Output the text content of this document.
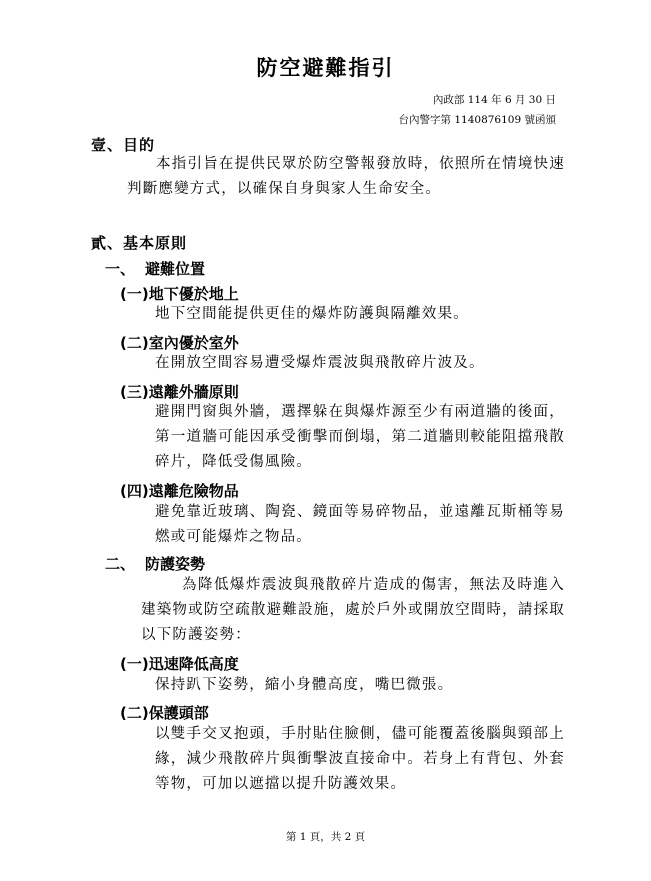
防空避難指引
內政部 114 年 6 月 30 日
台內警字第 1140876109 號函頒
壹、目的

本指引旨在提供民眾於防空警報發放時，依照所在情境快速判斷應變方式，以確保自身與家人生命安全。

貳、基本原則
一、 避難位置
(一)地下優於地上

地下空間能提供更佳的爆炸防護與隔離效果。

(二)室內優於室外

在開放空間容易遭受爆炸震波與飛散碎片波及。

(三)遠離外牆原則

避開門窗與外牆，選擇躲在與爆炸源至少有兩道牆的後面，第一道牆可能因承受衝擊而倒塌，第二道牆則較能阻擋飛散碎片，降低受傷風險。

(四)遠離危險物品

避免靠近玻璃、陶瓷、鏡面等易碎物品，並遠離瓦斯桶等易燃或可能爆炸之物品。

二、 防護姿勢

為降低爆炸震波與飛散碎片造成的傷害，無法及時進入建築物或防空疏散避難設施，處於戶外或開放空間時，請採取以下防護姿勢：

(一)迅速降低高度

保持趴下姿勢，縮小身體高度，嘴巴微張。

(二)保護頭部

以雙手交叉抱頭，手肘貼住臉側，儘可能覆蓋後腦與頸部上緣，減少飛散碎片與衝擊波直接命中。若身上有背包、外套等物，可加以遮擋以提升防護效果。

第 1 頁，共 2 頁
